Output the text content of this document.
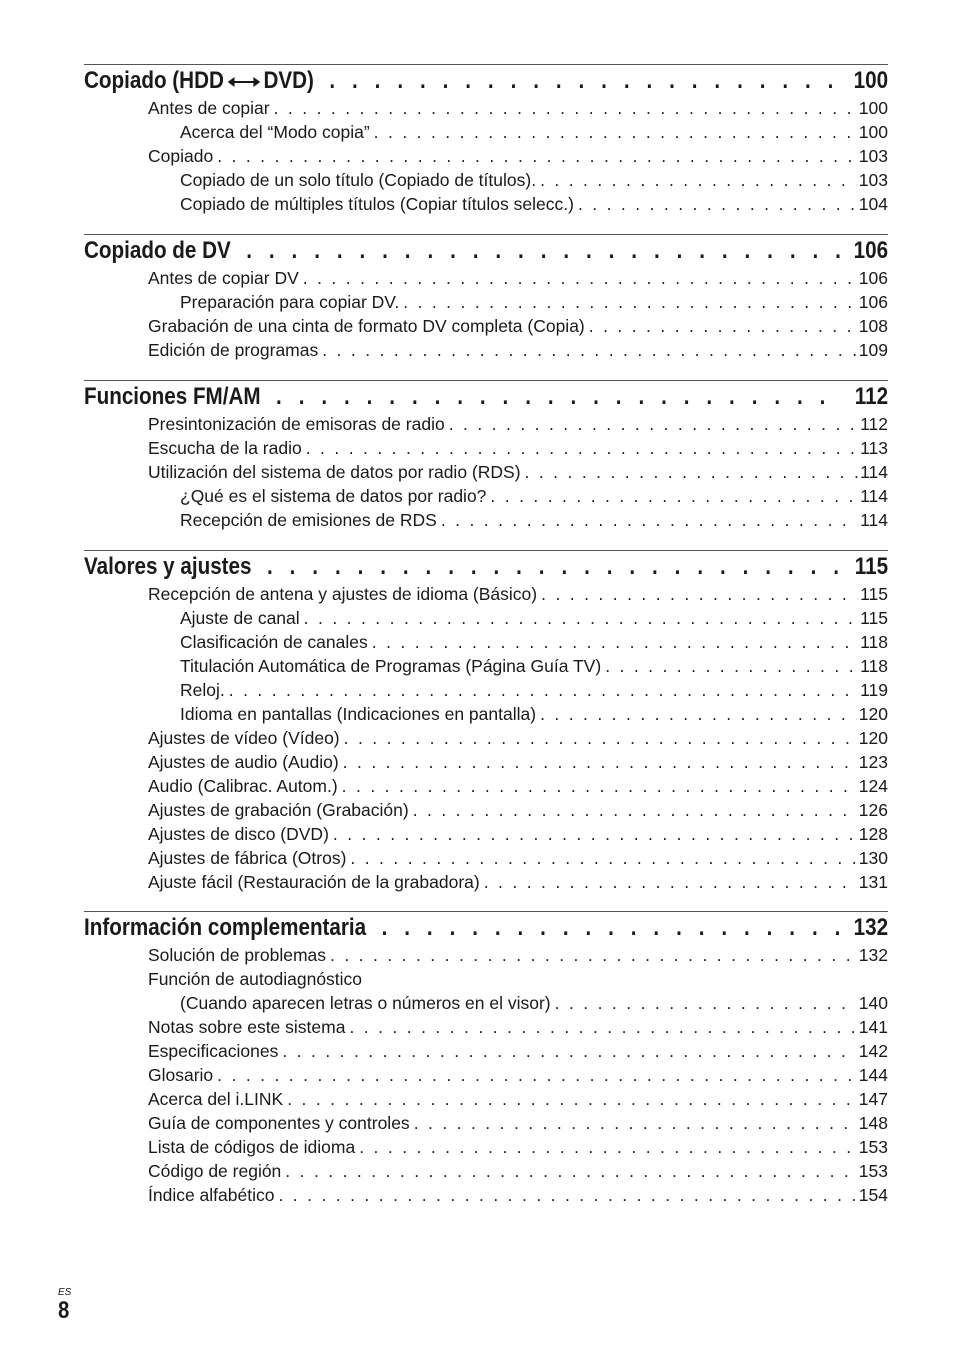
Copiado (HDD DVD) . . .	100
Antes de copiar . . .	100
Acerca del “Modo copia” . . .	100
Copiado . . .	103
Copiado de un solo título (Copiado de títulos). . . .	103
Copiado de múltiples títulos (Copiar títulos selecc.) . . .	104
Copiado de DV . . .	106
Antes de copiar DV . . .	106
Preparación para copiar DV. . . .	106
Grabación de una cinta de formato DV completa (Copia) . . .	108
Edición de programas . . .	109
Funciones FM/AM . . .	112
Presintonización de emisoras de radio . . .	112
Escucha de la radio . . .	113
Utilización del sistema de datos por radio (RDS) . . .	114
¿Qué es el sistema de datos por radio? . . .	114
Recepción de emisiones de RDS . . .	114
Valores y ajustes . . .	115
Recepción de antena y ajustes de idioma (Básico) . . .	115
Ajuste de canal . . .	115
Clasificación de canales . . .	118
Titulación Automática de Programas (Página Guía TV) . . .	118
Reloj. . . .	119
Idioma en pantallas (Indicaciones en pantalla) . . .	120
Ajustes de vídeo (Vídeo) . . .	120
Ajustes de audio (Audio) . . .	123
Audio (Calibrac. Autom.) . . .	124
Ajustes de grabación (Grabación) . . .	126
Ajustes de disco (DVD) . . .	128
Ajustes de fábrica (Otros) . . .	130
Ajuste fácil (Restauración de la grabadora) . . .	131
Información complementaria . . .	132
Solución de problemas . . .	132
Función de autodiagnóstico
(Cuando aparecen letras o números en el visor) . . .	140
Notas sobre este sistema . . .	141
Especificaciones . . .	142
Glosario . . .	144
Acerca del i.LINK . . .	147
Guía de componentes y controles . . .	148
Lista de códigos de idioma . . .	153
Código de región . . .	153
Índice alfabético . . .	154
ES
8
